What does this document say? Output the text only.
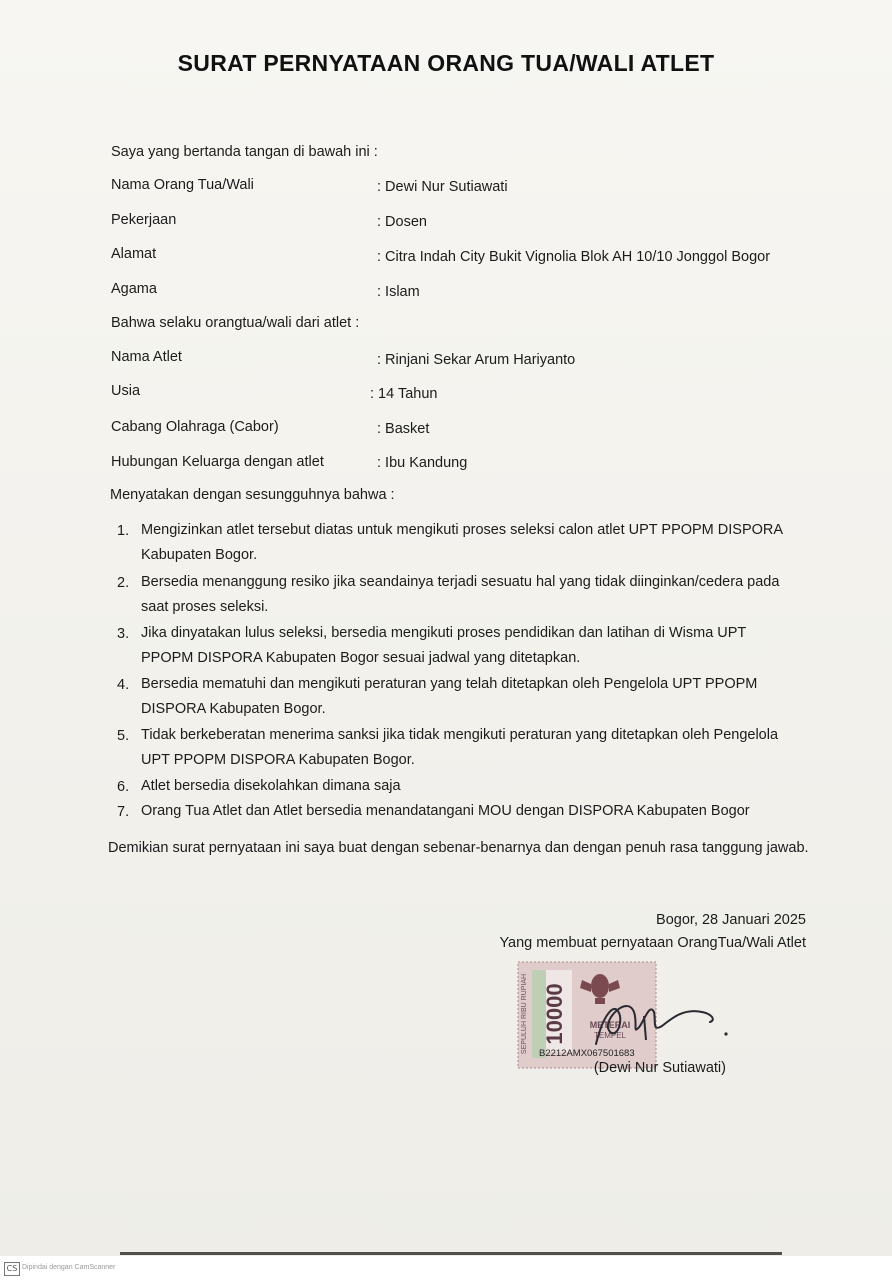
SURAT PERNYATAAN ORANG TUA/WALI ATLET
Saya yang bertanda tangan di bawah ini :
Nama Orang Tua/Wali	: Dewi Nur Sutiawati
Pekerjaan	: Dosen
Alamat	: Citra Indah City Bukit Vignolia Blok AH 10/10 Jonggol Bogor
Agama	: Islam
Bahwa selaku orangtua/wali dari atlet :
Nama Atlet	: Rinjani Sekar Arum Hariyanto
Usia	: 14 Tahun
Cabang Olahraga (Cabor)	: Basket
Hubungan Keluarga dengan atlet	: Ibu Kandung
Menyatakan dengan sesungguhnya bahwa :
1. Mengizinkan atlet tersebut diatas untuk mengikuti proses seleksi calon atlet UPT PPOPM DISPORA Kabupaten Bogor.
2. Bersedia menanggung resiko jika seandainya terjadi sesuatu hal yang tidak diinginkan/cedera pada saat proses seleksi.
3. Jika dinyatakan lulus seleksi, bersedia mengikuti proses pendidikan dan latihan di Wisma UPT PPOPM DISPORA Kabupaten Bogor sesuai jadwal yang ditetapkan.
4. Bersedia mematuhi dan mengikuti peraturan yang telah ditetapkan oleh Pengelola UPT PPOPM DISPORA Kabupaten Bogor.
5. Tidak berkeberatan menerima sanksi jika tidak mengikuti peraturan yang ditetapkan oleh Pengelola UPT PPOPM DISPORA Kabupaten Bogor.
6. Atlet bersedia disekolahkan dimana saja
7. Orang Tua Atlet dan Atlet bersedia menandatangani MOU dengan DISPORA Kabupaten Bogor
Demikian surat pernyataan ini saya buat dengan sebenar-benarnya dan dengan penuh rasa tanggung jawab.
Bogor, 28 Januari 2025
Yang membuat pernyataan OrangTua/Wali Atlet
10000
SEPULUH RIBU RUPIAH	METERAI
TEMPEL
B2212AMX067501683
(Dewi Nur Sutiawati)
CS Dipindai dengan CamScanner
